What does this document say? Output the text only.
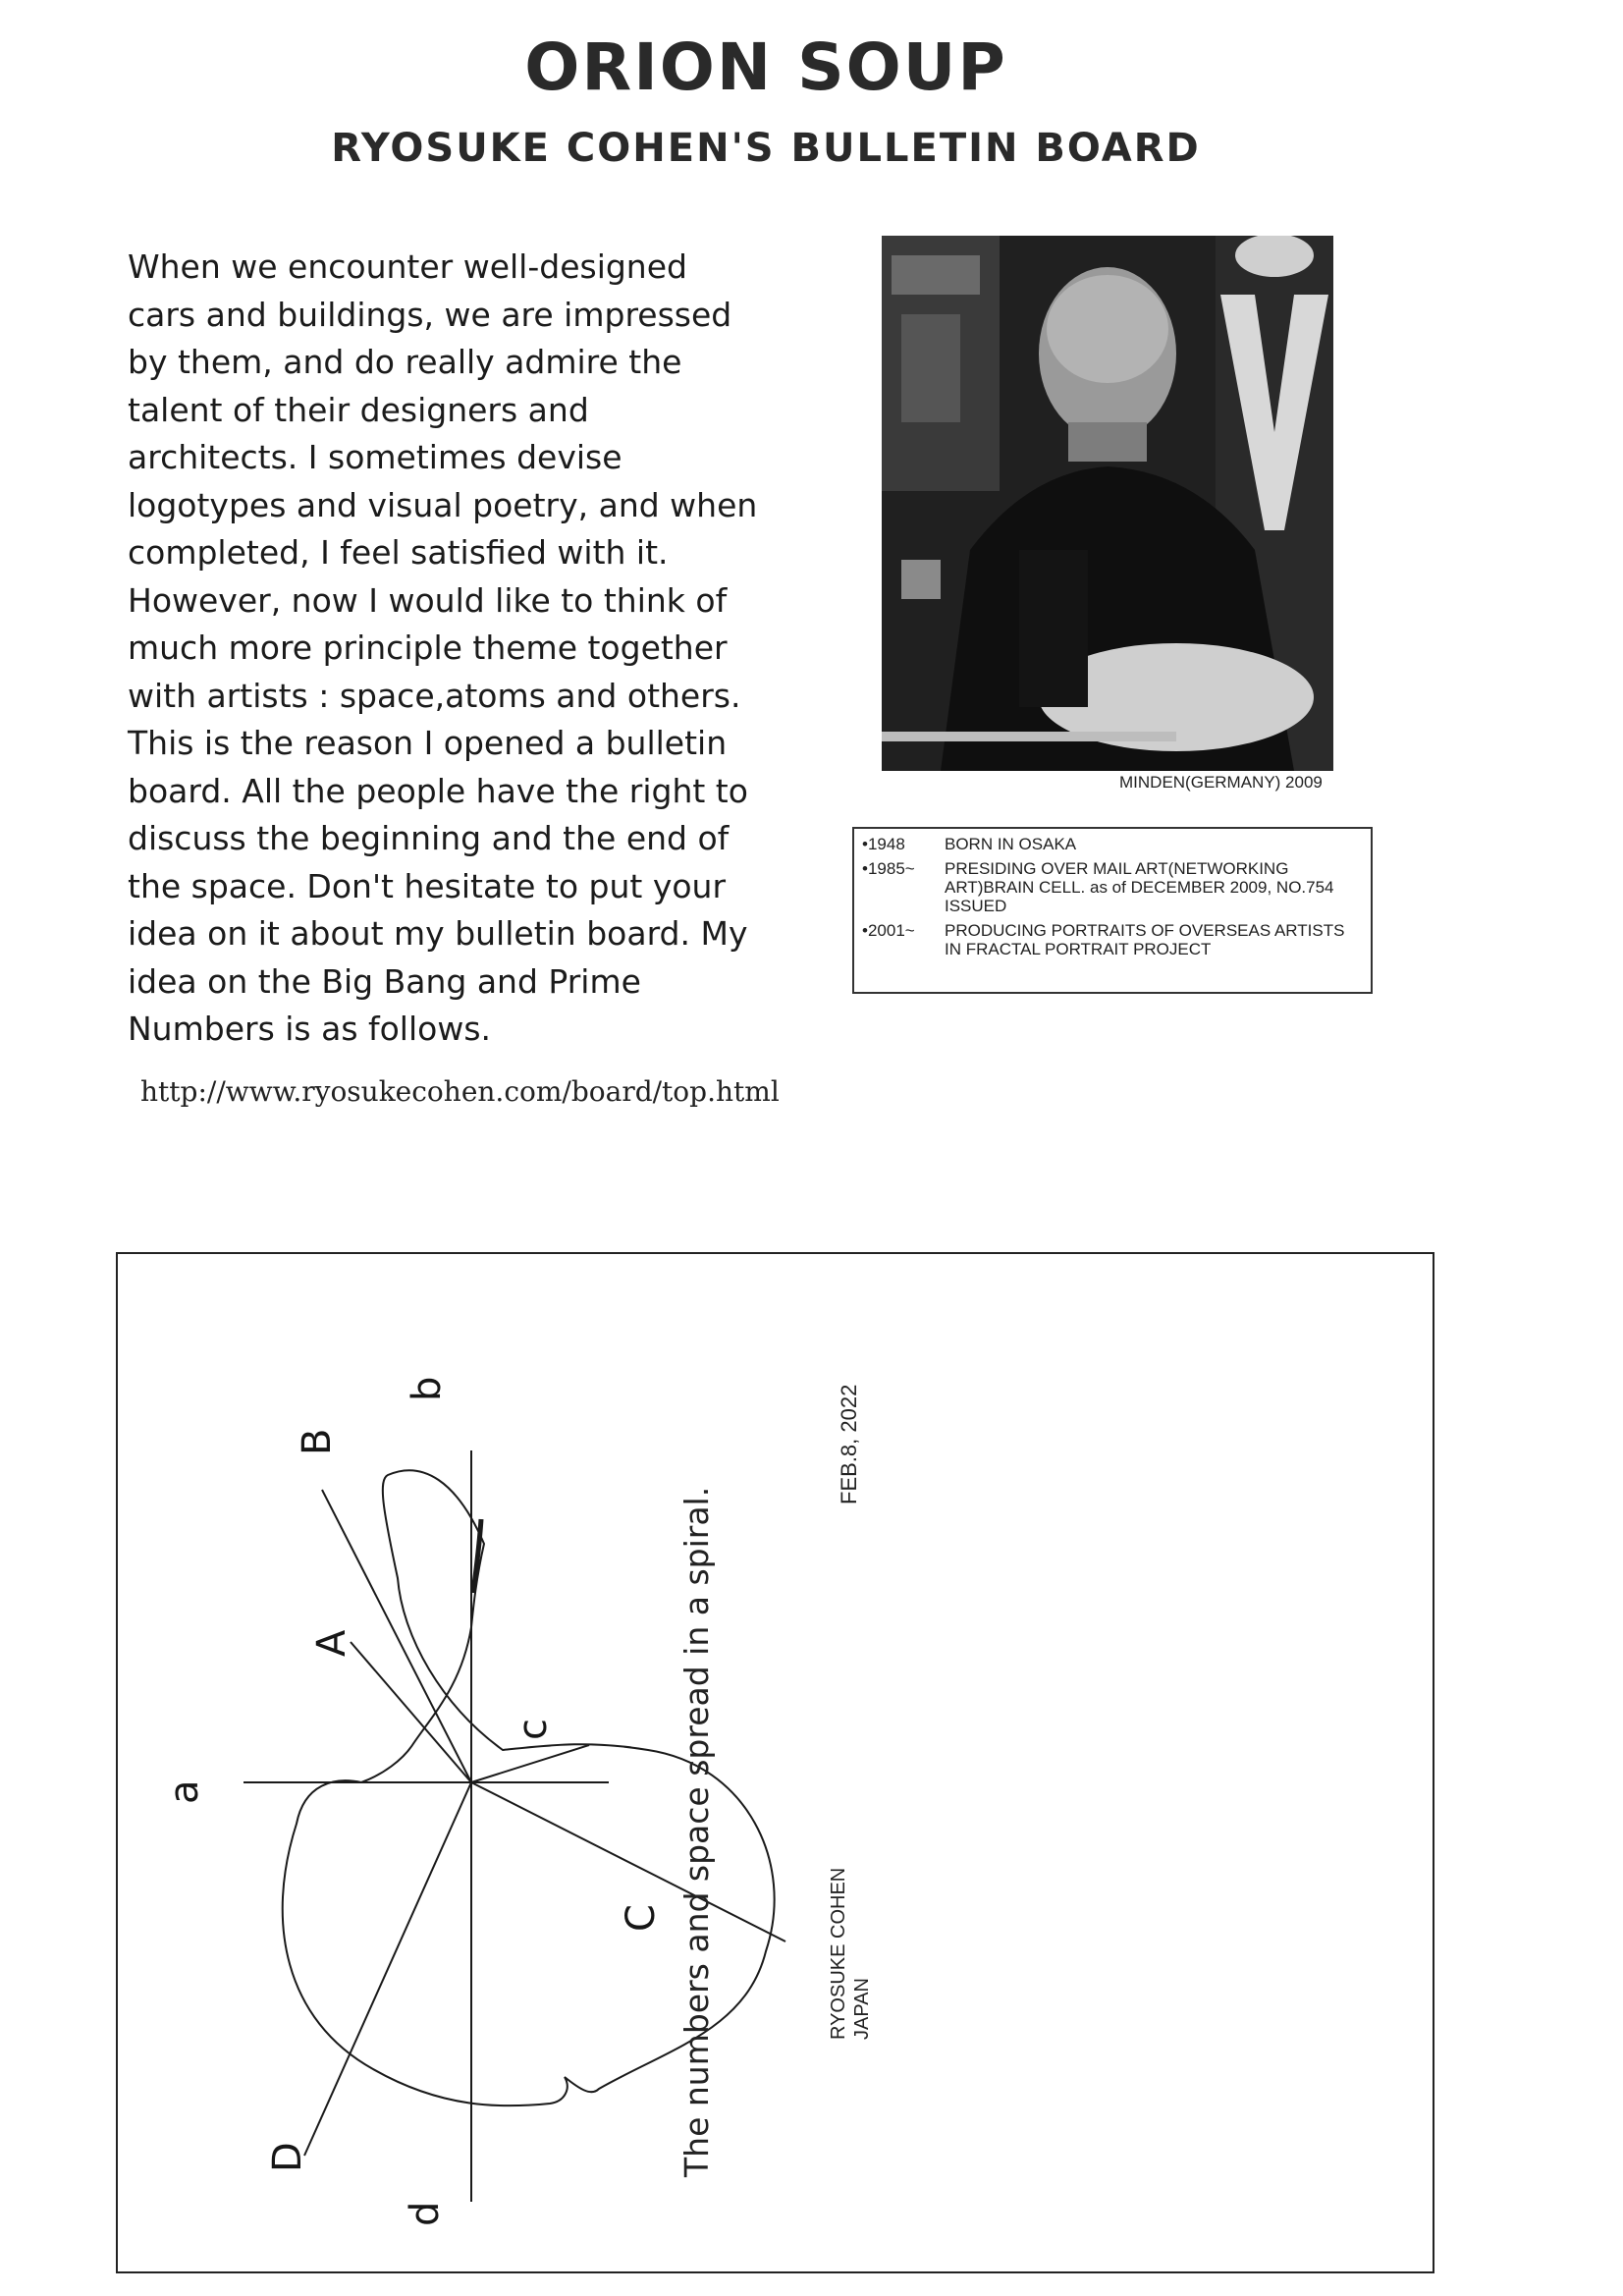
ORION SOUP
RYOSUKE COHEN'S BULLETIN BOARD
When we encounter well-designed
cars and buildings, we are impressed
by them, and do really admire the
talent of their designers and
architects. I sometimes devise
logotypes and visual poetry, and when
completed, I feel satisfied with it.
However, now I would like to think of
much more principle theme together
with artists : space,atoms and others.
This is the reason I opened a bulletin
board. All the people have the right to
discuss the beginning and the end of
the space. Don't hesitate to put your
idea on it about my bulletin board. My
idea on the Big Bang and Prime
Numbers is as follows.
http://www.ryosukecohen.com/board/top.html
MINDEN(GERMANY) 2009
•1948	BORN IN OSAKA
•1985~	PRESIDING OVER MAIL ART(NETWORKING ART)BRAIN CELL. as of DECEMBER 2009, NO.754 ISSUED
•2001~	PRODUCING PORTRAITS OF OVERSEAS ARTISTS IN FRACTAL PORTRAIT PROJECT
a
b
c
d
A
B
C
D	The numbers and space spread in a spiral.
FEB.8, 2022
RYOSUKE COHEN JAPAN
